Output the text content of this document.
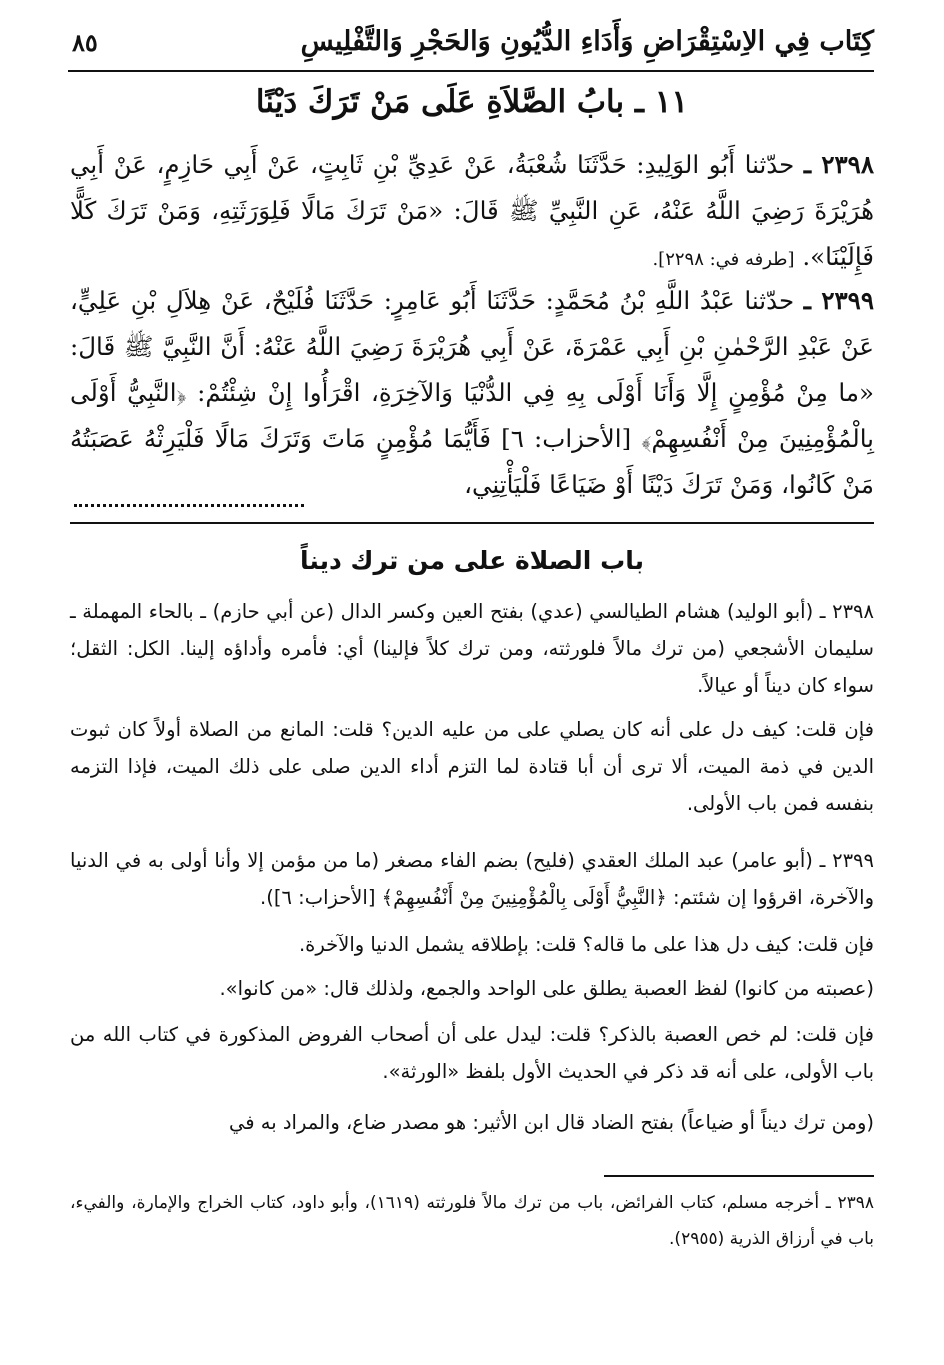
كِتَاب فِي الاِسْتِقْرَاضِ وَأَدَاءِ الدُّيُونِ وَالحَجْرِ وَالتَّفْلِيسِ
٨٥
١١ ـ بابُ الصَّلاَةِ عَلَى مَنْ تَرَكَ دَيْنًا
٢٣٩٨ ـ حدّثنا أَبُو الوَلِيدِ: حَدَّثَنَا شُعْبَةُ، عَنْ عَدِيِّ بْنِ ثَابِتٍ، عَنْ أَبِي حَازِمٍ، عَنْ أَبِي هُرَيْرَةَ رَضِيَ اللَّهُ عَنْهُ، عَنِ النَّبِيِّ ﷺ قَالَ: «مَنْ تَرَكَ مَالًا فَلِوَرَثَتِهِ، وَمَنْ تَرَكَ كَلًّا فَإِلَيْنَا». [طرفه في: ٢٢٩٨].
٢٣٩٩ ـ حدّثنا عَبْدُ اللَّهِ بْنُ مُحَمَّدٍ: حَدَّثَنَا أَبُو عَامِرٍ: حَدَّثَنَا فُلَيْحٌ، عَنْ هِلاَلِ بْنِ عَلِيٍّ، عَنْ عَبْدِ الرَّحْمٰنِ بْنِ أَبِي عَمْرَةَ، عَنْ أَبِي هُرَيْرَةَ رَضِيَ اللَّهُ عَنْهُ: أَنَّ النَّبِيَّ ﷺ قَالَ: «ما مِنْ مُؤْمِنٍ إِلَّا وَأَنَا أَوْلَى بِهِ فِي الدُّنْيَا وَالآخِرَةِ، اقْرَأُوا إِنْ شِئْتُمْ: ﴿النَّبِيُّ أَوْلَى بِالْمُؤْمِنِينَ مِنْ أَنْفُسِهِمْ﴾ [الأحزاب: ٦] فَأَيُّمَا مُؤْمِنٍ مَاتَ وَتَرَكَ مَالًا فَلْيَرِثْهُ عَصَبَتُهُ مَنْ كَانُوا، وَمَنْ تَرَكَ دَيْنًا أَوْ ضَيَاعًا فَلْيَأْتِنِي،
باب الصلاة على من ترك ديناً
٢٣٩٨ ـ (أبو الوليد) هشام الطيالسي (عدي) بفتح العين وكسر الدال (عن أبي حازم) ـ بالحاء المهملة ـ سليمان الأشجعي (من ترك مالاً فلورثته، ومن ترك كلاً فإلينا) أي: فأمره وأداؤه إلينا. الكل: الثقل؛ سواء كان ديناً أو عيالاً.
فإن قلت: كيف دل على أنه كان يصلي على من عليه الدين؟ قلت: المانع من الصلاة أولاً كان ثبوت الدين في ذمة الميت، ألا ترى أن أبا قتادة لما التزم أداء الدين صلى على ذلك الميت، فإذا التزمه بنفسه فمن باب الأولى.
٢٣٩٩ ـ (أبو عامر) عبد الملك العقدي (فليح) بضم الفاء مصغر (ما من مؤمن إلا وأنا أولى به في الدنيا والآخرة، اقرؤوا إن شئتم: ﴿النَّبِيُّ أَوْلَى بِالْمُؤْمِنِينَ مِنْ أَنْفُسِهِمْ﴾ [الأحزاب: ٦]).
فإن قلت: كيف دل هذا على ما قاله؟ قلت: بإطلاقه يشمل الدنيا والآخرة.
(عصبته من كانوا) لفظ العصبة يطلق على الواحد والجمع، ولذلك قال: «من كانوا».
فإن قلت: لم خص العصبة بالذكر؟ قلت: ليدل على أن أصحاب الفروض المذكورة في كتاب الله من باب الأولى، على أنه قد ذكر في الحديث الأول بلفظ «الورثة».
(ومن ترك ديناً أو ضياعاً) بفتح الضاد قال ابن الأثير: هو مصدر ضاع، والمراد به في
٢٣٩٨ ـ أخرجه مسلم، كتاب الفرائض، باب من ترك مالاً فلورثته (١٦١٩)، وأبو داود، كتاب الخراج والإمارة، والفيء، باب في أرزاق الذرية (٢٩٥٥).
